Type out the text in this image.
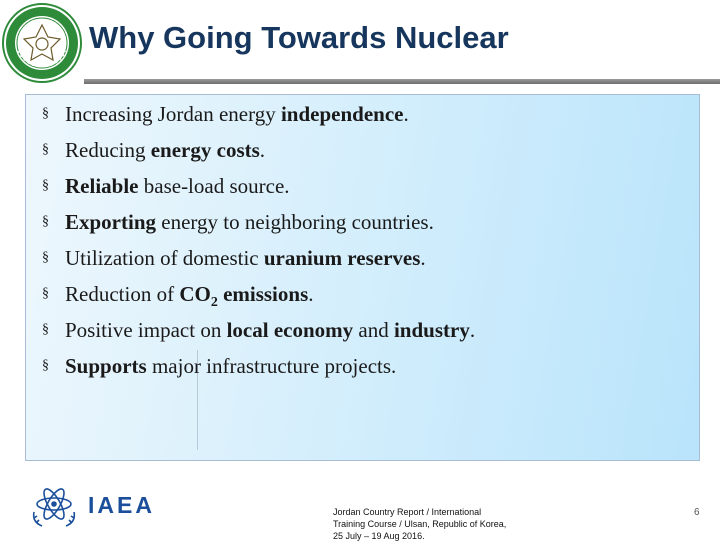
Why Going Towards Nuclear
§ Increasing Jordan energy independence.
§ Reducing energy costs.
§ Reliable base-load source.
§ Exporting energy to neighboring countries.
§ Utilization of domestic uranium reserves.
§ Reduction of $CO_2$ emissions.
§ Positive impact on local economy and industry.
§ Supports major infrastructure projects.
IAEA	Jordan Country Report / International
Training Course / Ulsan, Republic of Korea,
25 July – 19 Aug 2016.
6
